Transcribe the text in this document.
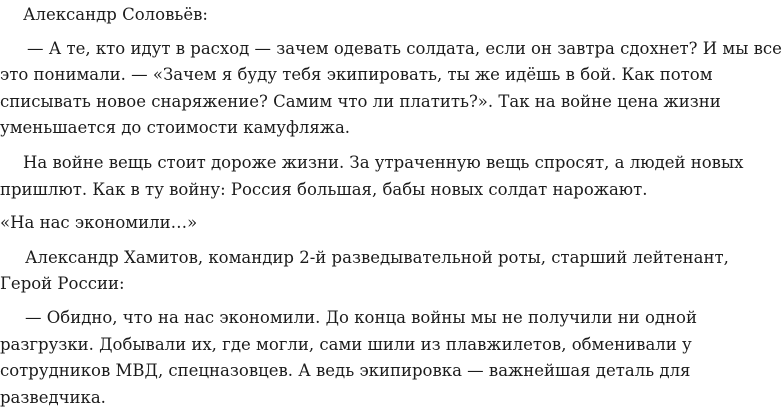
Александр Соловьёв:
— А те, кто идут в расход — зачем одевать солдата, если он завтра сдохнет? И мы все
это понимали. — «Зачем я буду тебя экипировать, ты же идёшь в бой. Как потом
списывать новое снаряжение? Самим что ли платить?». Так на войне цена жизни
уменьшается до стоимости камуфляжа.
На войне вещь стоит дороже жизни. За утраченную вещь спросят, а людей новых
пришлют. Как в ту войну: Россия большая, бабы новых солдат нарожают.
«На нас экономили…»
Александр Хамитов, командир 2-й разведывательной роты, старший лейтенант,
Герой России:
— Обидно, что на нас экономили. До конца войны мы не получили ни одной
разгрузки. Добывали их, где могли, сами шили из плавжилетов, обменивали у
сотрудников МВД, спецназовцев. А ведь экипировка — важнейшая деталь для
разведчика.
